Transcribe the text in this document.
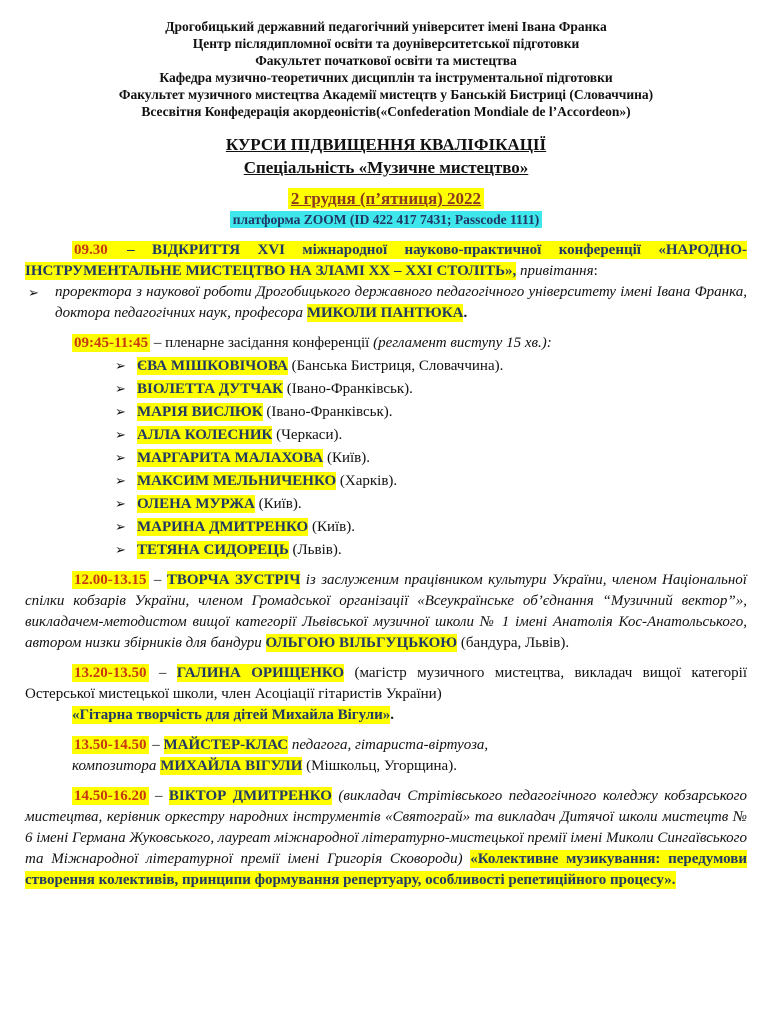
Дрогобицький державний педагогічний університет імені Івана Франка
Центр післядипломної освіти та доуніверситетської підготовки
Факультет початкової освіти та мистецтва
Кафедра музично-теоретичних дисциплін та інструментальної підготовки
Факультет музичного мистецтва Академії мистецтв у Банській Бистриці (Словаччина)
Всесвітня Конфедерація акордеоністів(«Confederation Mondiale de l’Accordeon»)
КУРСИ ПІДВИЩЕННЯ КВАЛІФІКАЦІЇ
Спеціальність «Музичне мистецтво»
2 грудня (п’ятниця) 2022
платформа ZOOM (ID 422 417 7431; Passcode 1111)
09.30 – ВІДКРИТТЯ XVI міжнародної науково-практичної конференції «НАРОДНО-ІНСТРУМЕНТАЛЬНЕ МИСТЕЦТВО НА ЗЛАМІ XX – XXI СТОЛІТЬ», привітання:
➢ проректора з наукової роботи Дрогобицького державного педагогічного університету імені Івана Франка, доктора педагогічних наук, професора МИКОЛИ ПАНТЮКА.
09:45-11:45 – пленарне засідання конференції (регламент виступу 15 хв.):
➢ ЄВА МІШКОВІЧОВА (Банська Бистриця, Словаччина).
➢ ВІОЛЕТТА ДУТЧАК (Івано-Франківськ).
➢ МАРІЯ ВИСЛЮК (Івано-Франківськ).
➢ АЛЛА КОЛЕСНИК (Черкаси).
➢ МАРГАРИТА МАЛАХОВА (Київ).
➢ МАКСИМ МЕЛЬНИЧЕНКО (Харків).
➢ ОЛЕНА МУРЖА (Київ).
➢ МАРИНА ДМИТРЕНКО (Київ).
➢ ТЕТЯНА СИДОРЕЦЬ (Львів).
12.00-13.15 – ТВОРЧА ЗУСТРІЧ із заслуженим працівником культури України, членом Національної спілки кобзарів України, членом Громадської організації «Всеукраїнське об’єднання “Музичний вектор”», викладачем-методистом вищої категорії Львівської музичної школи № 1 імені Анатолія Кос-Анатольського, автором низки збірників для бандури ОЛЬГОЮ ВІЛЬГУЦЬКОЮ (бандура, Львів).
13.20-13.50 – ГАЛИНА ОРИЩЕНКО (магістр музичного мистецтва, викладач вищої категорії Остерської мистецької школи, член Асоціації гітаристів України)
«Гітарна творчість для дітей Михайла Вігули».
13.50-14.50 – МАЙСТЕР-КЛАС педагога, гітариста-віртуоза,
композитора МИХАЙЛА ВІГУЛИ (Мішкольц, Угорщина).
14.50-16.20 – ВІКТОР ДМИТРЕНКО (викладач Стрітівського педагогічного коледжу кобзарського мистецтва, керівник оркестру народних інструментів «Святограй» та викладач Дитячої школи мистецтв № 6 імені Германа Жуковського, лауреат міжнародної літературно-мистецької премії імені Миколи Сингаївського та Міжнародної літературної премії імені Григорія Сковороди) «Колективне музикування: передумови створення колективів, принципи формування репертуару, особливості репетиційного процесу».
